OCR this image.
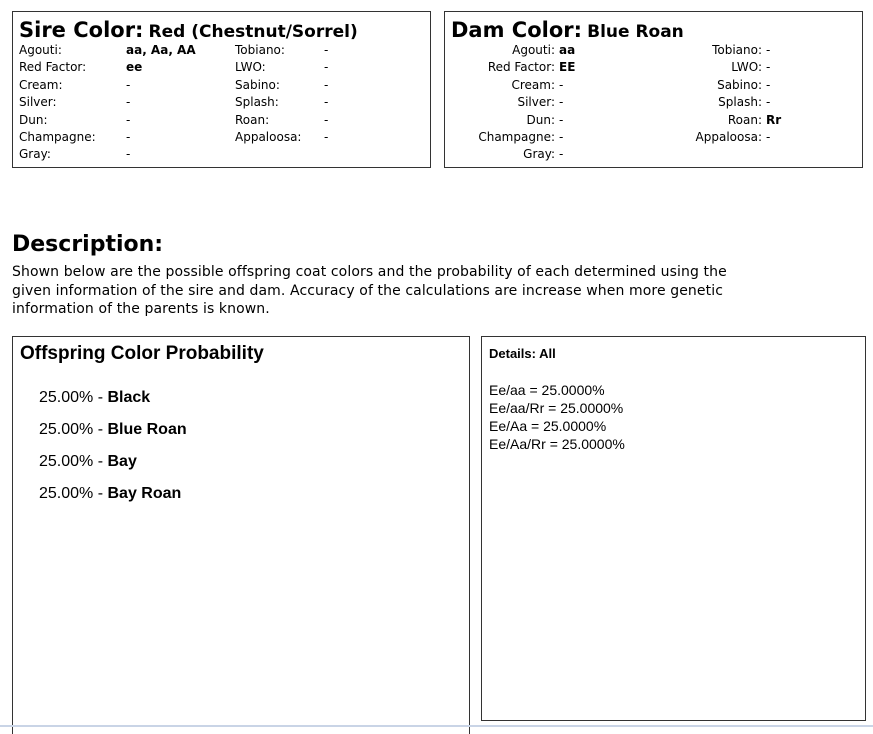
Sire Color: Red (Chestnut/Sorrel)
Agouti:	aa, Aa, AA
Red Factor:	ee
Cream:	-
Silver:	-
Dun:	-
Champagne:	-
Gray:	-
Tobiano:	-
LWO:	-
Sabino:	-
Splash:	-
Roan:	-
Appaloosa: -
Dam Color: Blue Roan
Agouti: aa
Red Factor: EE
Cream: -
Silver: -
Dun: -
Champagne: -
Gray: -
Tobiano: -
LWO: -
Sabino: -
Splash: -
Roan: Rr
Appaloosa: -
Description:
Shown below are the possible offspring coat colors and the probability of each determined using the given information of the sire and dam. Accuracy of the calculations are increase when more genetic information of the parents is known.
Offspring Color Probability
25.00% - Black
25.00% - Blue Roan
25.00% - Bay
25.00% - Bay Roan
Details: All
Ee/aa = 25.0000%
Ee/aa/Rr = 25.0000%
Ee/Aa = 25.0000%
Ee/Aa/Rr = 25.0000%
